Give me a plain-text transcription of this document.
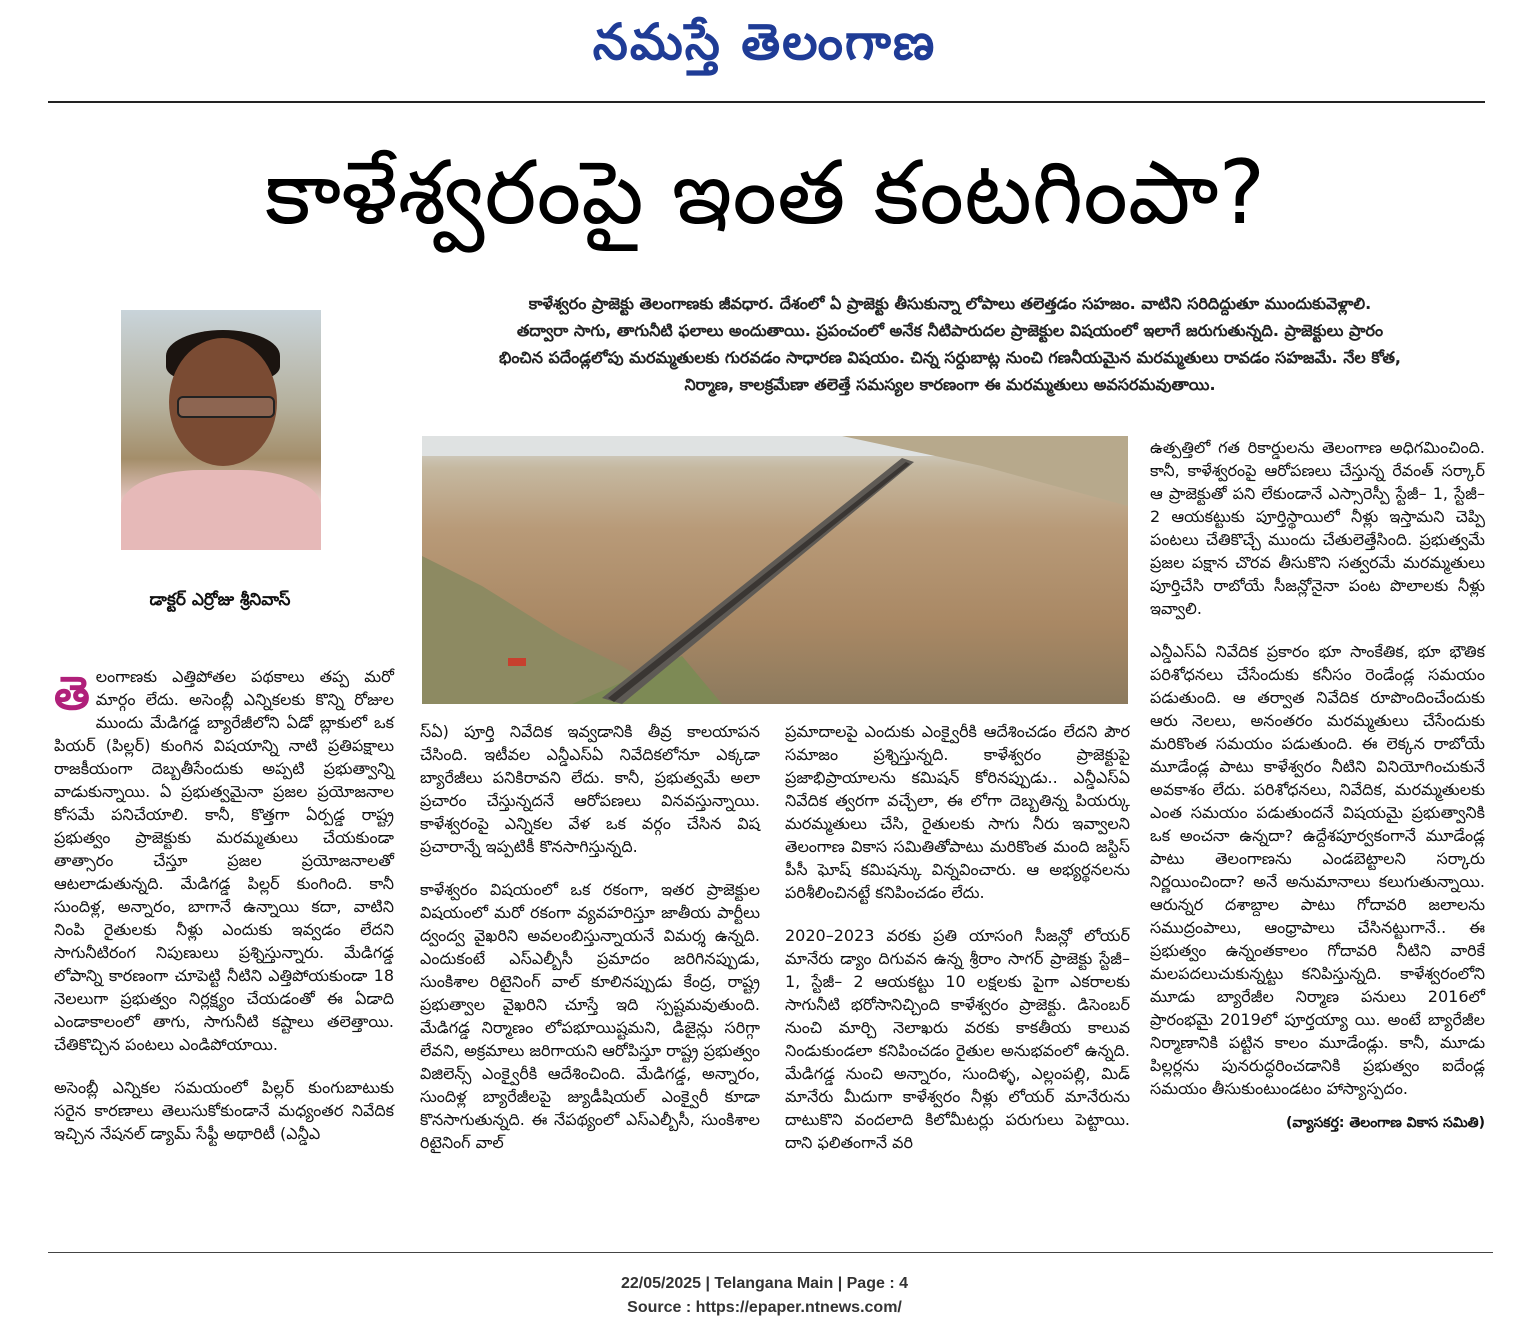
నమస్తే తెలంగాణ
కాళేశ్వరంపై ఇంత కంటగింపా?
డాక్టర్ ఎర్రోజు శ్రీనివాస్
కాళేశ్వరం ప్రాజెక్టు తెలంగాణకు జీవధార. దేశంలో ఏ ప్రాజెక్టు తీసుకున్నా లోపాలు తలెత్తడం సహజం. వాటిని సరిదిద్దుతూ ముందుకువెళ్లాలి.
తద్వారా సాగు, తాగునీటి ఫలాలు అందుతాయి. ప్రపంచంలో అనేక నీటిపారుదల ప్రాజెక్టుల విషయంలో ఇలాగే జరుగుతున్నది. ప్రాజెక్టులు ప్రారం
భించిన పదేండ్లలోపు మరమ్మతులకు గురవడం సాధారణ విషయం. చిన్న సర్దుబాట్ల నుంచి గణనీయమైన మరమ్మతులు రావడం సహజమే. నేల కోత,
నిర్మాణ, కాలక్రమేణా తలెత్తే సమస్యల కారణంగా ఈ మరమ్మతులు అవసరమవుతాయి.

తె లంగాణకు ఎత్తిపోతల పథకాలు తప్ప మరో మార్గం లేదు. అసెంబ్లీ ఎన్నికలకు కొన్ని రోజుల ముందు మేడిగడ్డ బ్యారేజీలోని ఏడో బ్లాకులో ఒక పియర్ (పిల్లర్) కుంగిన విషయాన్ని నాటి ప్రతిపక్షాలు రాజకీయంగా దెబ్బతీసేందుకు అప్పటి ప్రభుత్వాన్ని వాడుకున్నాయి. ఏ ప్రభుత్వమైనా ప్రజల ప్రయోజనాల కోసమే పనిచేయాలి. కానీ, కొత్తగా ఏర్పడ్డ రాష్ట్ర ప్రభుత్వం ప్రాజెక్టుకు మరమ్మతులు చేయకుండా తాత్సారం చేస్తూ ప్రజల ప్రయోజనాలతో ఆటలాడుతున్నది. మేడిగడ్డ పిల్లర్ కుంగింది. కానీ సుందిళ్ల, అన్నారం, బాగానే ఉన్నాయి కదా, వాటిని నింపి రైతులకు నీళ్లు ఎందుకు ఇవ్వడం లేదని సాగునీటిరంగ నిపుణులు ప్రశ్నిస్తున్నారు. మేడిగడ్డ లోపాన్ని కారణంగా చూపెట్టి నీటిని ఎత్తిపోయకుండా 18 నెలలుగా ప్రభుత్వం నిర్లక్ష్యం చేయడంతో ఈ ఏడాది ఎండాకాలంలో తాగు, సాగునీటి కష్టాలు తలెత్తాయి. చేతికొచ్చిన పంటలు ఎండిపోయాయి.

అసెంబ్లీ ఎన్నికల సమయంలో పిల్లర్ కుంగుబాటుకు సరైన కారణాలు తెలుసుకోకుండానే మధ్యంతర నివేదిక ఇచ్చిన నేషనల్ డ్యామ్ సేఫ్టీ అథారిటీ (ఎన్డీఎ

స్ఏ) పూర్తి నివేదిక ఇవ్వడానికి తీవ్ర కాలయాపన చేసింది. ఇటీవల ఎన్డీఎస్ఏ నివేదికలోనూ ఎక్కడా బ్యారేజీలు పనికిరావని లేదు. కానీ, ప్రభుత్వమే అలా ప్రచారం చేస్తున్నదనే ఆరోపణలు వినవస్తున్నాయి. కాళేశ్వరంపై ఎన్నికల వేళ ఒక వర్గం చేసిన విష ప్రచారాన్నే ఇప్పటికీ కొనసాగిస్తున్నది.

కాళేశ్వరం విషయంలో ఒక రకంగా, ఇతర ప్రాజెక్టుల విషయంలో మరో రకంగా వ్యవహరిస్తూ జాతీయ పార్టీలు ద్వంద్వ వైఖరిని అవలంబిస్తున్నాయనే విమర్శ ఉన్నది. ఎందుకంటే ఎస్ఎల్బీసీ ప్రమాదం జరిగినప్పుడు, సుంకిశాల రిటైనింగ్ వాల్ కూలినప్పుడు కేంద్ర, రాష్ట్ర ప్రభుత్వాల వైఖరిని చూస్తే ఇది స్పష్టమవుతుంది. మేడిగడ్డ నిర్మాణం లోపభూయిష్టమని, డిజైన్లు సరిగ్గా లేవని, అక్రమాలు జరిగాయని ఆరోపిస్తూ రాష్ట్ర ప్రభుత్వం విజిలెన్స్ ఎంక్వైరీకి ఆదేశించింది. మేడిగడ్డ, అన్నారం, సుందిళ్ల బ్యారేజీలపై జ్యుడీషియల్ ఎంక్వైరీ కూడా కొనసాగుతున్నది. ఈ నేపథ్యంలో ఎస్ఎల్బీసీ, సుంకిశాల రిటైనింగ్ వాల్

ప్రమాదాలపై ఎందుకు ఎంక్వైరీకి ఆదేశించడం లేదని పౌర సమాజం ప్రశ్నిస్తున్నది. కాళేశ్వరం ప్రాజెక్టుపై ప్రజాభిప్రాయాలను కమిషన్ కోరినప్పుడు.. ఎన్డీఎస్ఏ నివేదిక త్వరగా వచ్చేలా, ఈ లోగా దెబ్బతిన్న పియర్కు మరమ్మతులు చేసి, రైతులకు సాగు నీరు ఇవ్వాలని తెలంగాణ వికాస సమితితోపాటు మరికొంత మంది జస్టిస్ పీసీ ఘోష్ కమిషన్కు విన్నవించారు. ఆ అభ్యర్థనలను పరిశీలించినట్టే కనిపించడం లేదు.

2020–2023 వరకు ప్రతి యాసంగి సీజన్లో లోయర్ మానేరు డ్యాం దిగువన ఉన్న శ్రీరాం సాగర్ ప్రాజెక్టు స్టేజీ–1, స్టేజీ– 2 ఆయకట్టు 10 లక్షలకు పైగా ఎకరాలకు సాగునీటి భరోసానిచ్చింది కాళేశ్వరం ప్రాజెక్టు. డిసెంబర్ నుంచి మార్చి నెలాఖరు వరకు కాకతీయ కాలువ నిండుకుండలా కనిపించడం రైతుల అనుభవంలో ఉన్నది. మేడిగడ్డ నుంచి అన్నారం, సుందిళ్ళ, ఎల్లంపల్లి, మిడ్ మానేరు మీదుగా కాళేశ్వరం నీళ్లు లోయర్ మానేరును దాటుకొని వందలాది కిలోమీటర్లు పరుగులు పెట్టాయి. దాని ఫలితంగానే వరి

ఉత్పత్తిలో గత రికార్డులను తెలంగాణ అధిగమించింది. కానీ, కాళేశ్వరంపై ఆరోపణలు చేస్తున్న రేవంత్ సర్కార్ ఆ ప్రాజెక్టుతో పని లేకుండానే ఎస్సారెస్పీ స్టేజీ– 1, స్టేజీ– 2 ఆయకట్టుకు పూర్తిస్థాయిలో నీళ్లు ఇస్తామని చెప్పి పంటలు చేతికొచ్చే ముందు చేతులెత్తేసింది. ప్రభుత్వమే ప్రజల పక్షాన చొరవ తీసుకొని సత్వరమే మరమ్మతులు పూర్తిచేసి రాబోయే సీజన్లోనైనా పంట పొలాలకు నీళ్లు ఇవ్వాలి.

ఎన్డీఎస్ఏ నివేదిక ప్రకారం భూ సాంకేతిక, భూ భౌతిక పరిశోధనలు చేసేందుకు కనీసం రెండేండ్ల సమయం పడుతుంది. ఆ తర్వాత నివేదిక రూపొందించేందుకు ఆరు నెలలు, అనంతరం మరమ్మతులు చేసేందుకు మరికొంత సమయం పడుతుంది. ఈ లెక్కన రాబోయే మూడేండ్ల పాటు కాళేశ్వరం నీటిని వినియోగించుకునే అవకాశం లేదు. పరిశోధనలు, నివేదిక, మరమ్మతులకు ఎంత సమయం పడుతుందనే విషయమై ప్రభుత్వానికి ఒక అంచనా ఉన్నదా? ఉద్దేశపూర్వకంగానే మూడేండ్ల పాటు తెలంగాణను ఎండబెట్టాలని సర్కారు నిర్ణయించిందా? అనే అనుమానాలు కలుగుతున్నాయి. ఆరున్నర దశాబ్దాల పాటు గోదావరి జలాలను సముద్రంపాలు, ఆంధ్రాపాలు చేసినట్టుగానే.. ఈ ప్రభుత్వం ఉన్నంతకాలం గోదావరి నీటిని వారికే మలపదలుచుకున్నట్టు కనిపిస్తున్నది. కాళేశ్వరంలోని మూడు బ్యారేజీల నిర్మాణ పనులు 2016లో ప్రారంభమై 2019లో పూర్తయ్యా యి. అంటే బ్యారేజీల నిర్మాణానికి పట్టిన కాలం మూడేండ్లు. కానీ, మూడు పిల్లర్లను పునరుద్ధరించడానికి ప్రభుత్వం ఐదేండ్ల సమయం తీసుకుంటుండటం హాస్యాస్పదం.

(వ్యాసకర్త: తెలంగాణ వికాస సమితి)
22/05/2025 | Telangana Main | Page : 4
Source : https://epaper.ntnews.com/
